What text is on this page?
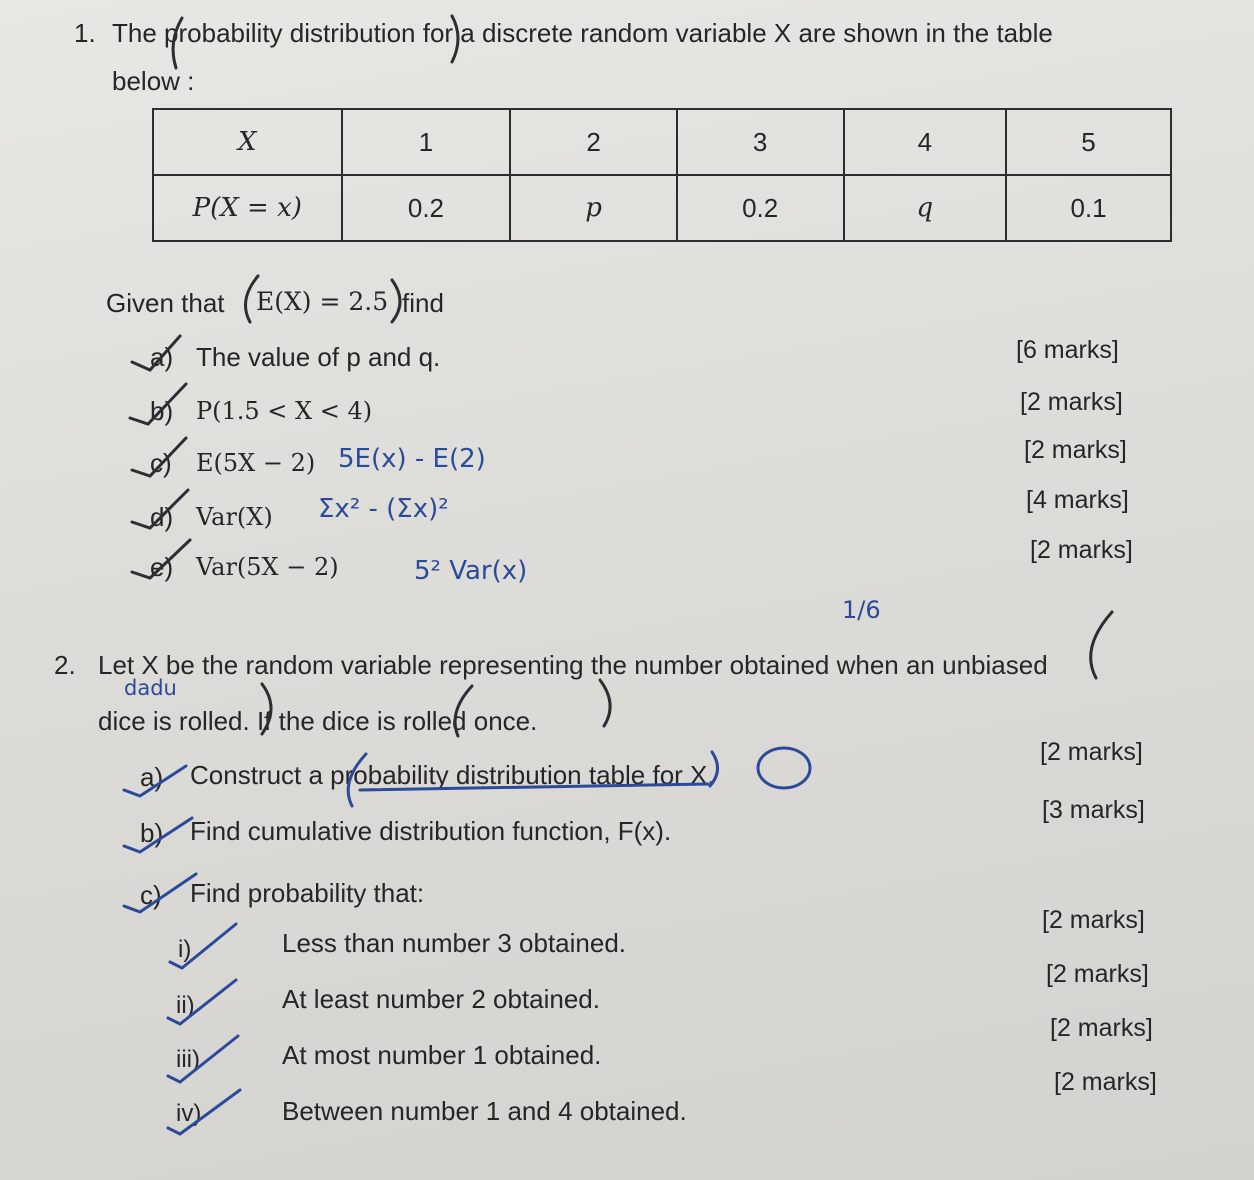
1. The probability distribution for a discrete random variable X are shown in the table
below :
X	1	2	3	4	5
P(X = x)	0.2	p	0.2	q	0.1
Given that E(X) = 2.5 find
a) The value of p and q.	[6 marks]
b) P(1.5 < X < 4)	[2 marks]
c) E(5X − 2)	[2 marks]
5E(x) - E(2)
d) Var(X)
[4 marks]
Σx² - (Σx)²
e) Var(5X − 2)
[2 marks]
5² Var(x)
1/6
2. Let X be the random variable representing the number obtained when an unbiased
dadu
dice is rolled. If the dice is rolled once.
a) Construct a probability distribution table for X.
[2 marks]
b) Find cumulative distribution function, F(x).
[3 marks]
c) Find probability that:
i)	Less than number 3 obtained.
[2 marks]
ii)	At least number 2 obtained.
[2 marks]
iii)	At most number 1 obtained.
[2 marks]
iv)	Between number 1 and 4 obtained.
[2 marks]
